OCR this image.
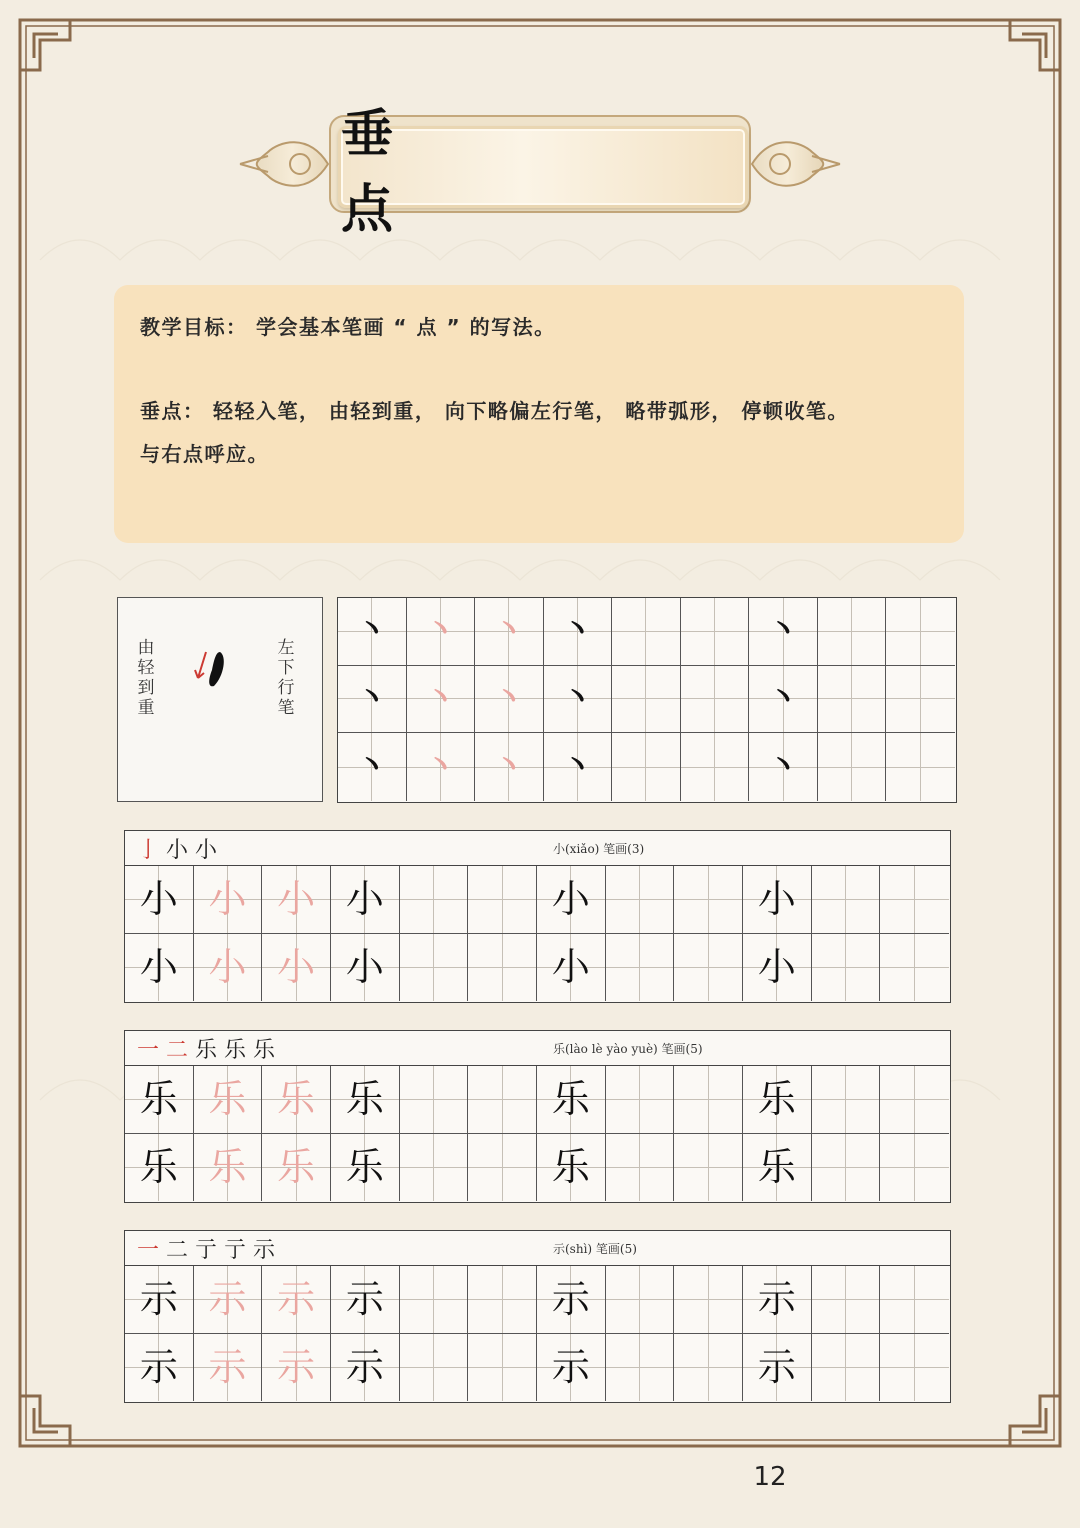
垂　　点

教学目标： 学会基本笔画 “ 点 ” 的写法。

垂点： 轻轻入笔， 由轻到重， 向下略偏左行笔， 略带弧形， 停顿收笔。

与右点呼应。

由
轻
到
重
左
下
行
笔
丶	丶	丶	丶	丶
丶	丶	丶	丶	丶
丶	丶	丶	丶	丶
亅 小 小	小(xiǎo) 笔画(3)
小 小 小 小	小	小
小 小 小 小	小	小
一 二 乐 乐 乐	乐(lào lè yào yuè) 笔画(5)
乐 乐 乐 乐	乐	乐
乐 乐 乐 乐	乐	乐
一 二 亍 亍 示	示(shì) 笔画(5)
示 示 示 示	示	示
示 示 示 示	示	示
12
